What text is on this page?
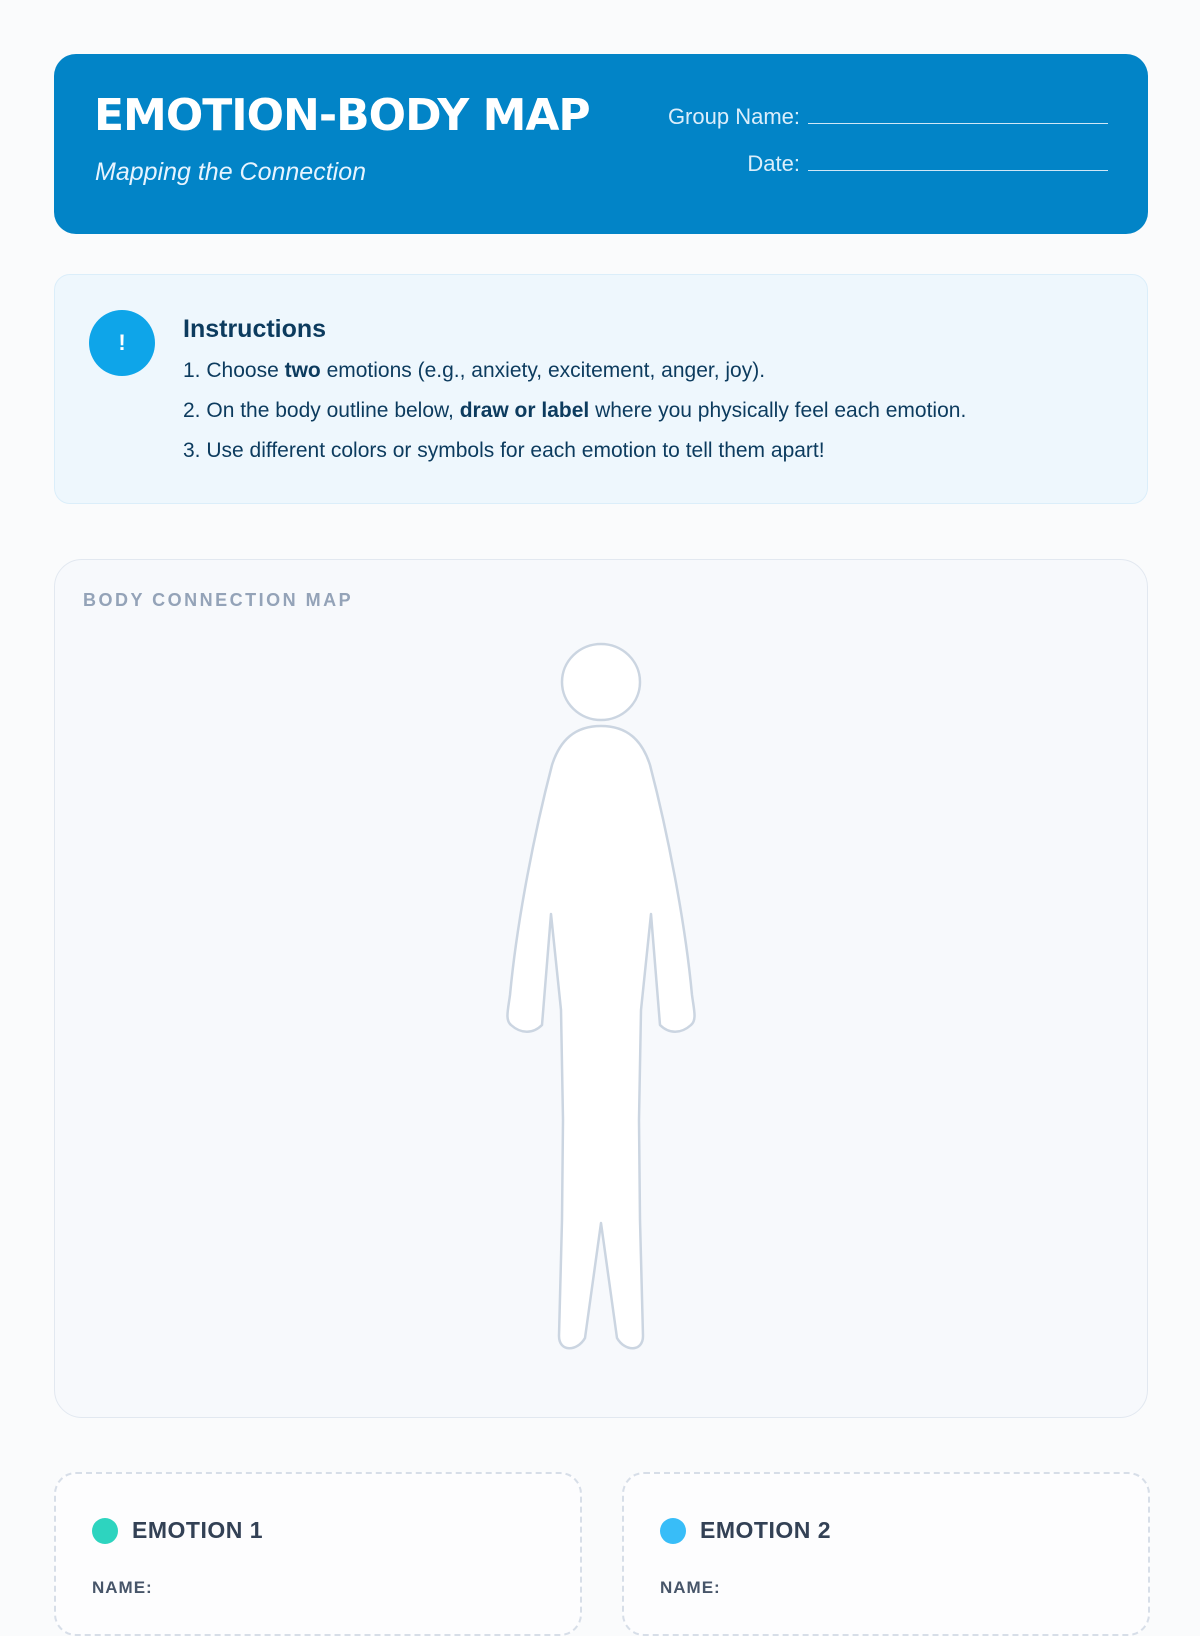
EMOTION-BODY MAP
Mapping the Connection
Group Name:
Date:
!	Instructions
1. Choose two emotions (e.g., anxiety, excitement, anger, joy).
2. On the body outline below, draw or label where you physically feel each emotion.
3. Use different colors or symbols for each emotion to tell them apart!
BODY CONNECTION MAP
EMOTION 1
NAME:
EMOTION 2
NAME:
